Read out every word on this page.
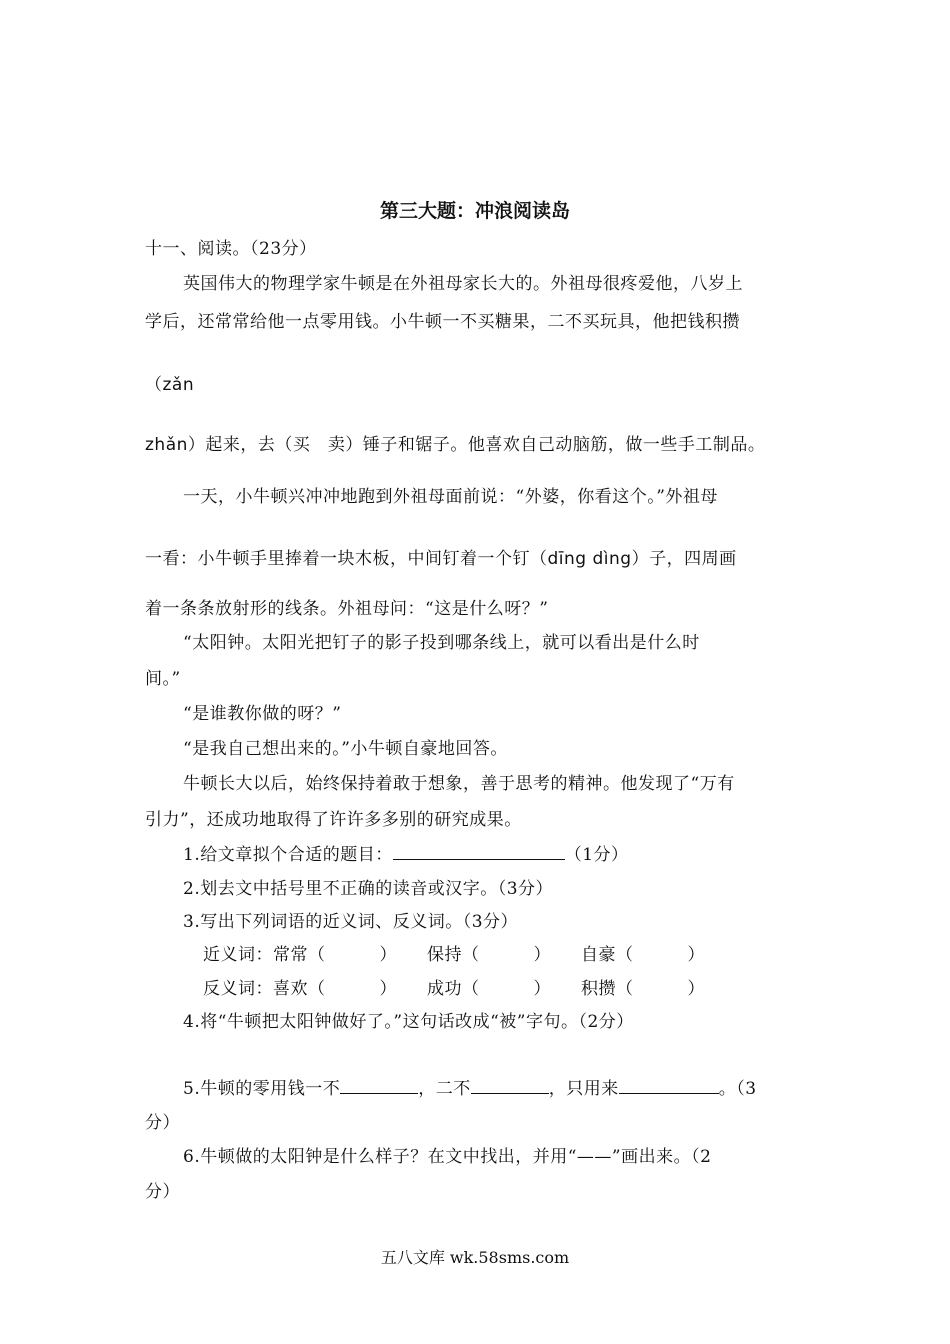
第三大题：冲浪阅读岛
十一、阅读。（23分）
英国伟大的物理学家牛顿是在外祖母家长大的。外祖母很疼爱他，八岁上
学后，还常常给他一点零用钱。小牛顿一不买糖果，二不买玩具，他把钱积攒
（zǎn
zhǎn）起来，去（买　卖）锤子和锯子。他喜欢自己动脑筋，做一些手工制品。
一天，小牛顿兴冲冲地跑到外祖母面前说：“外婆，你看这个。”外祖母
一看：小牛顿手里捧着一块木板，中间钉着一个钉（dīng dìng）子，四周画
着一条条放射形的线条。外祖母问：“这是什么呀？”
“太阳钟。太阳光把钉子的影子投到哪条线上，就可以看出是什么时
间。”
“是谁教你做的呀？”
“是我自己想出来的。”小牛顿自豪地回答。
牛顿长大以后，始终保持着敢于想象，善于思考的精神。他发现了“万有
引力”，还成功地取得了许许多多别的研究成果。
1.给文章拟个合适的题目：	（1分）
2.划去文中括号里不正确的读音或汉字。（3分）
3.写出下列词语的近义词、反义词。（3分）
近义词：常常（	） 保持（	） 自豪（	）
反义词：喜欢（	） 成功（	） 积攒（	）
4.将“牛顿把太阳钟做好了。”这句话改成“被”字句。（2分）
5.牛顿的零用钱一不	，二不	，只用来	。（3
分）
6.牛顿做的太阳钟是什么样子？在文中找出，并用“——”画出来。（2
分）
五八文库 wk.58sms.com
